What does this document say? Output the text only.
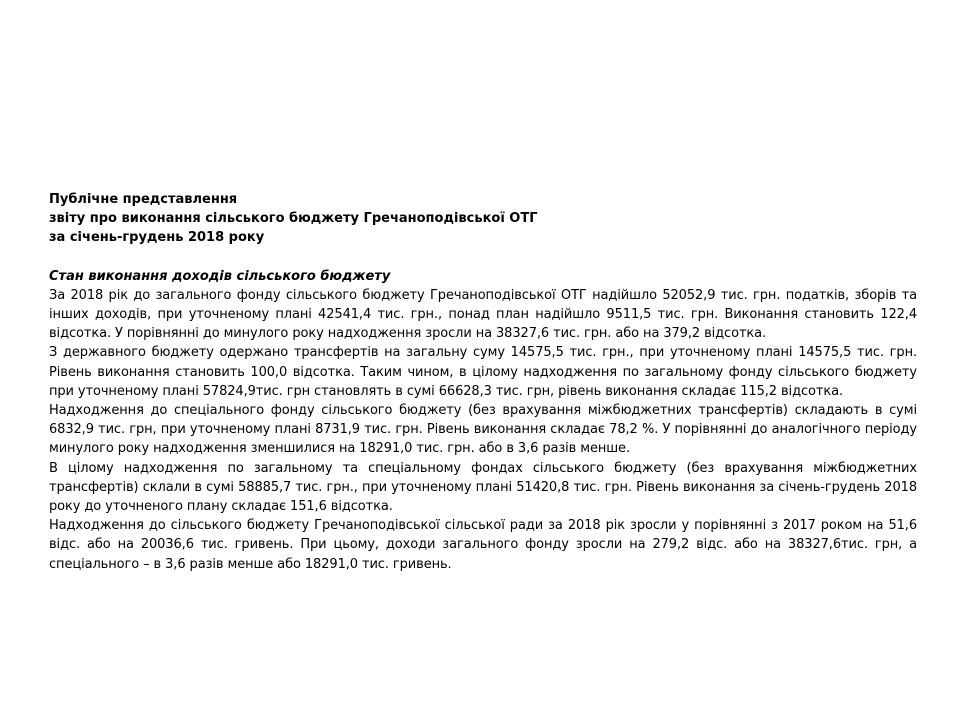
Публічне представлення

звіту про виконання сільського бюджету Гречаноподівської ОТГ

за січень-грудень 2018 року

Стан виконання доходів сільського бюджету

За 2018 рік до загального фонду сільського бюджету Гречаноподівської ОТГ надійшло 52052,9 тис. грн. податків, зборів та інших доходів, при уточненому плані 42541,4 тис. грн., понад план надійшло 9511,5 тис. грн. Виконання становить 122,4 відсотка. У порівнянні до минулого року надходження зросли на 38327,6 тис. грн. або на 379,2 відсотка.

З державного бюджету одержано трансфертів на загальну суму 14575,5 тис. грн., при уточненому плані 14575,5 тис. грн. Рівень виконання становить 100,0 відсотка. Таким чином, в цілому надходження по загальному фонду сільського бюджету при уточненому плані 57824,9тис. грн становлять в сумі 66628,3 тис. грн, рівень виконання складає 115,2 відсотка.

Надходження до спеціального фонду сільського бюджету (без врахування міжбюджетних трансфертів) складають в сумі 6832,9 тис. грн, при уточненому плані 8731,9 тис. грн. Рівень виконання складає 78,2 %. У порівнянні до аналогічного періоду минулого року надходження зменшилися на 18291,0 тис. грн. або в 3,6 разів менше.

В цілому надходження по загальному та спеціальному фондах сільського бюджету (без врахування міжбюджетних трансфертів) склали в сумі 58885,7 тис. грн., при уточненому плані 51420,8 тис. грн. Рівень виконання за січень-грудень 2018 року до уточненого плану складає 151,6 відсотка.

Надходження до сільського бюджету Гречаноподівської сільської ради за 2018 рік зросли у порівнянні з 2017 роком на 51,6 відс. або на 20036,6 тис. гривень. При цьому, доходи загального фонду зросли на 279,2 відс. або на 38327,6тис. грн, а спеціального – в 3,6 разів менше або 18291,0 тис. гривень.
